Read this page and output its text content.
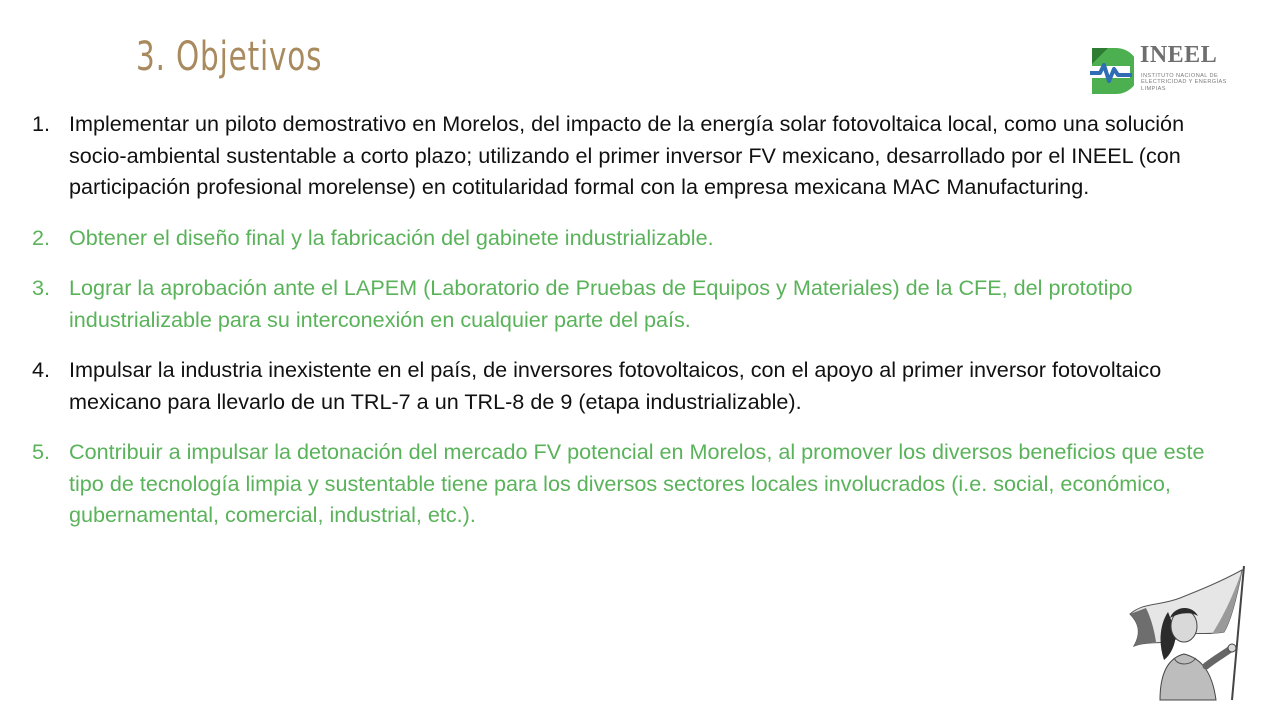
3. Objetivos	INEEL
INSTITUTO NACIONAL DE ELECTRICIDAD Y ENERGÍAS LIMPIAS
1. Implementar un piloto demostrativo en Morelos, del impacto de la energía solar fotovoltaica local, como una solución socio-ambiental sustentable a corto plazo; utilizando el primer inversor FV mexicano, desarrollado por el INEEL (con participación profesional morelense) en cotitularidad formal con la empresa mexicana MAC Manufacturing.
2. Obtener el diseño final y la fabricación del gabinete industrializable.
3. Lograr la aprobación ante el LAPEM (Laboratorio de Pruebas de Equipos y Materiales) de la CFE, del prototipo industrializable para su interconexión en cualquier parte del país.
4. Impulsar la industria inexistente en el país, de inversores fotovoltaicos, con el apoyo al primer inversor fotovoltaico mexicano para llevarlo de un TRL-7 a un TRL-8 de 9 (etapa industrializable).
5. Contribuir a impulsar la detonación del mercado FV potencial en Morelos, al promover los diversos beneficios que este tipo de tecnología limpia y sustentable tiene para los diversos sectores locales involucrados (i.e. social, económico, gubernamental, comercial, industrial, etc.).
